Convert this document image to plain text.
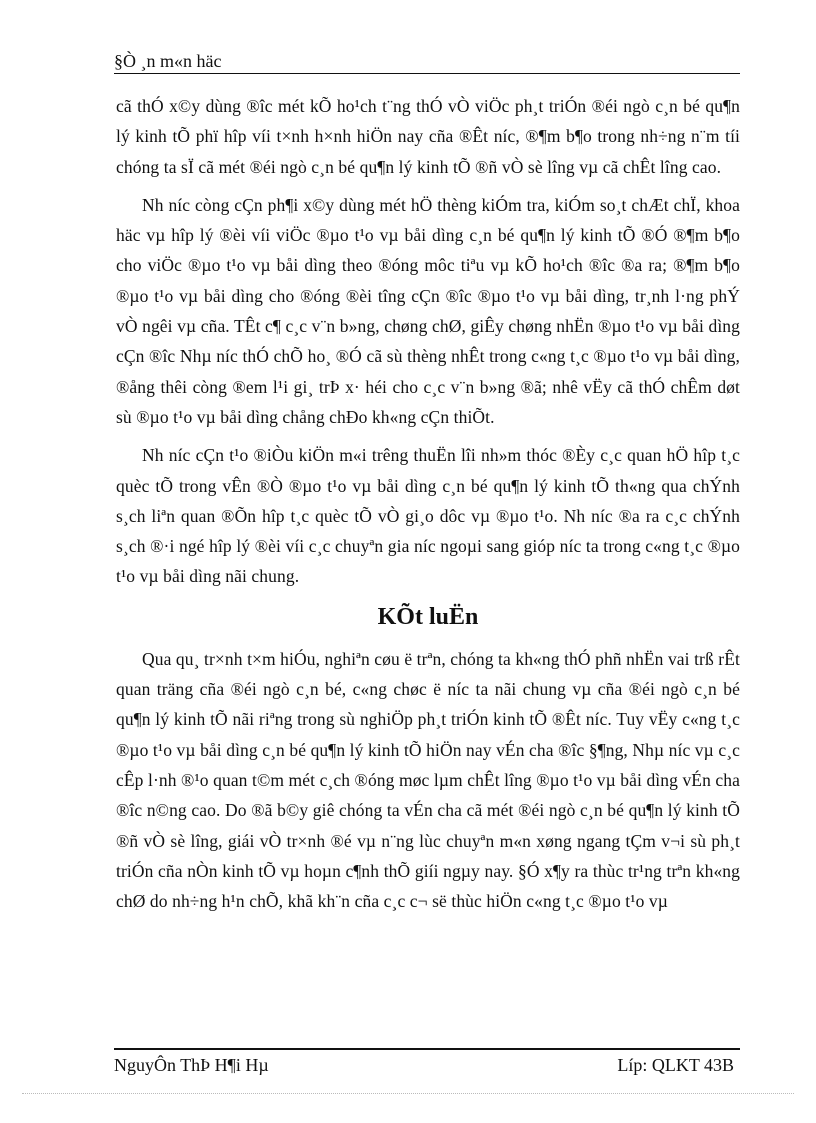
§Ò ¸n m«n häc

cã thÓ x©y dùng ®îc mét kÕ ho¹ch t¨ng thÓ vÒ viÖc ph¸t triÓn ®éi ngò c¸n bé qu¶n lý kinh tÕ phï hîp víi t×nh h×nh hiÖn nay cña ®Êt níc, ®¶m b¶o trong nh÷ng n¨m tíi chóng ta sÏ cã mét ®éi ngò c¸n bé qu¶n lý kinh tÕ ®ñ vÒ sè lîng vµ cã chÊt lîng cao.

Nh níc còng cÇn ph¶i x©y dùng mét hÖ thèng kiÓm tra, kiÓm so¸t chÆt chÏ, khoa häc vµ hîp lý ®èi víi viÖc ®µo t¹o vµ båi dìng c¸n bé qu¶n lý kinh tÕ ®Ó ®¶m b¶o cho viÖc ®µo t¹o vµ båi dìng theo ®óng môc tiªu vµ kÕ ho¹ch ®îc ®a ra; ®¶m b¶o ®µo t¹o vµ båi dìng cho ®óng ®èi tîng cÇn ®îc ®µo t¹o vµ båi dìng, tr¸nh l·ng phÝ vÒ ngêi vµ cña. TÊt c¶ c¸c v¨n b»ng, chøng chØ, giÊy chøng nhËn ®µo t¹o vµ båi dìng cÇn ®îc Nhµ níc thÓ chÕ ho¸ ®Ó cã sù thèng nhÊt trong c«ng t¸c ®µo t¹o vµ båi dìng, ®ång thêi còng ®em l¹i gi¸ trÞ x· héi cho c¸c v¨n b»ng ®ã; nhê vËy cã thÓ chÊm døt sù ®µo t¹o vµ båi dìng chång chÐo kh«ng cÇn thiÕt.

Nh níc cÇn t¹o ®iÒu kiÖn m«i trêng thuËn lîi nh»m thóc ®Èy c¸c quan hÖ hîp t¸c quèc tÕ trong vÊn ®Ò ®µo t¹o vµ båi dìng c¸n bé qu¶n lý kinh tÕ th«ng qua chÝnh s¸ch liªn quan ®Õn hîp t¸c quèc tÕ vÒ gi¸o dôc vµ ®µo t¹o. Nh níc ®a ra c¸c chÝnh s¸ch ®·i ngé hîp lý ®èi víi c¸c chuyªn gia níc ngoµi sang gióp níc ta trong c«ng t¸c ®µo t¹o vµ båi dìng nãi chung.

KÕt luËn

Qua qu¸ tr×nh t×m hiÓu, nghiªn cøu ë trªn, chóng ta kh«ng thÓ phñ nhËn vai trß rÊt quan träng cña ®éi ngò c¸n bé, c«ng chøc ë níc ta nãi chung vµ cña ®éi ngò c¸n bé qu¶n lý kinh tÕ nãi riªng trong sù nghiÖp ph¸t triÓn kinh tÕ ®Êt níc. Tuy vËy c«ng t¸c ®µo t¹o vµ båi dìng c¸n bé qu¶n lý kinh tÕ hiÖn nay vÉn cha ®îc §¶ng, Nhµ níc vµ c¸c cÊp l·nh ®¹o quan t©m mét c¸ch ®óng møc lµm chÊt lîng ®µo t¹o vµ båi dìng vÉn cha ®îc n©ng cao. Do ®ã b©y giê chóng ta vÉn cha cã mét ®éi ngò c¸n bé qu¶n lý kinh tÕ ®ñ vÒ sè lîng, giái vÒ tr×nh ®é vµ n¨ng lùc chuyªn m«n xøng ngang tÇm v¬i sù ph¸t triÓn cña nÒn kinh tÕ vµ hoµn c¶nh thÕ giíi ngµy nay. §Ó x¶y ra thùc tr¹ng trªn kh«ng chØ do nh÷ng h¹n chÕ, khã kh¨n cña c¸c c¬ së thùc hiÖn c«ng t¸c ®µo t¹o vµ

NguyÔn ThÞ H¶i Hµ	Líp: QLKT 43B
